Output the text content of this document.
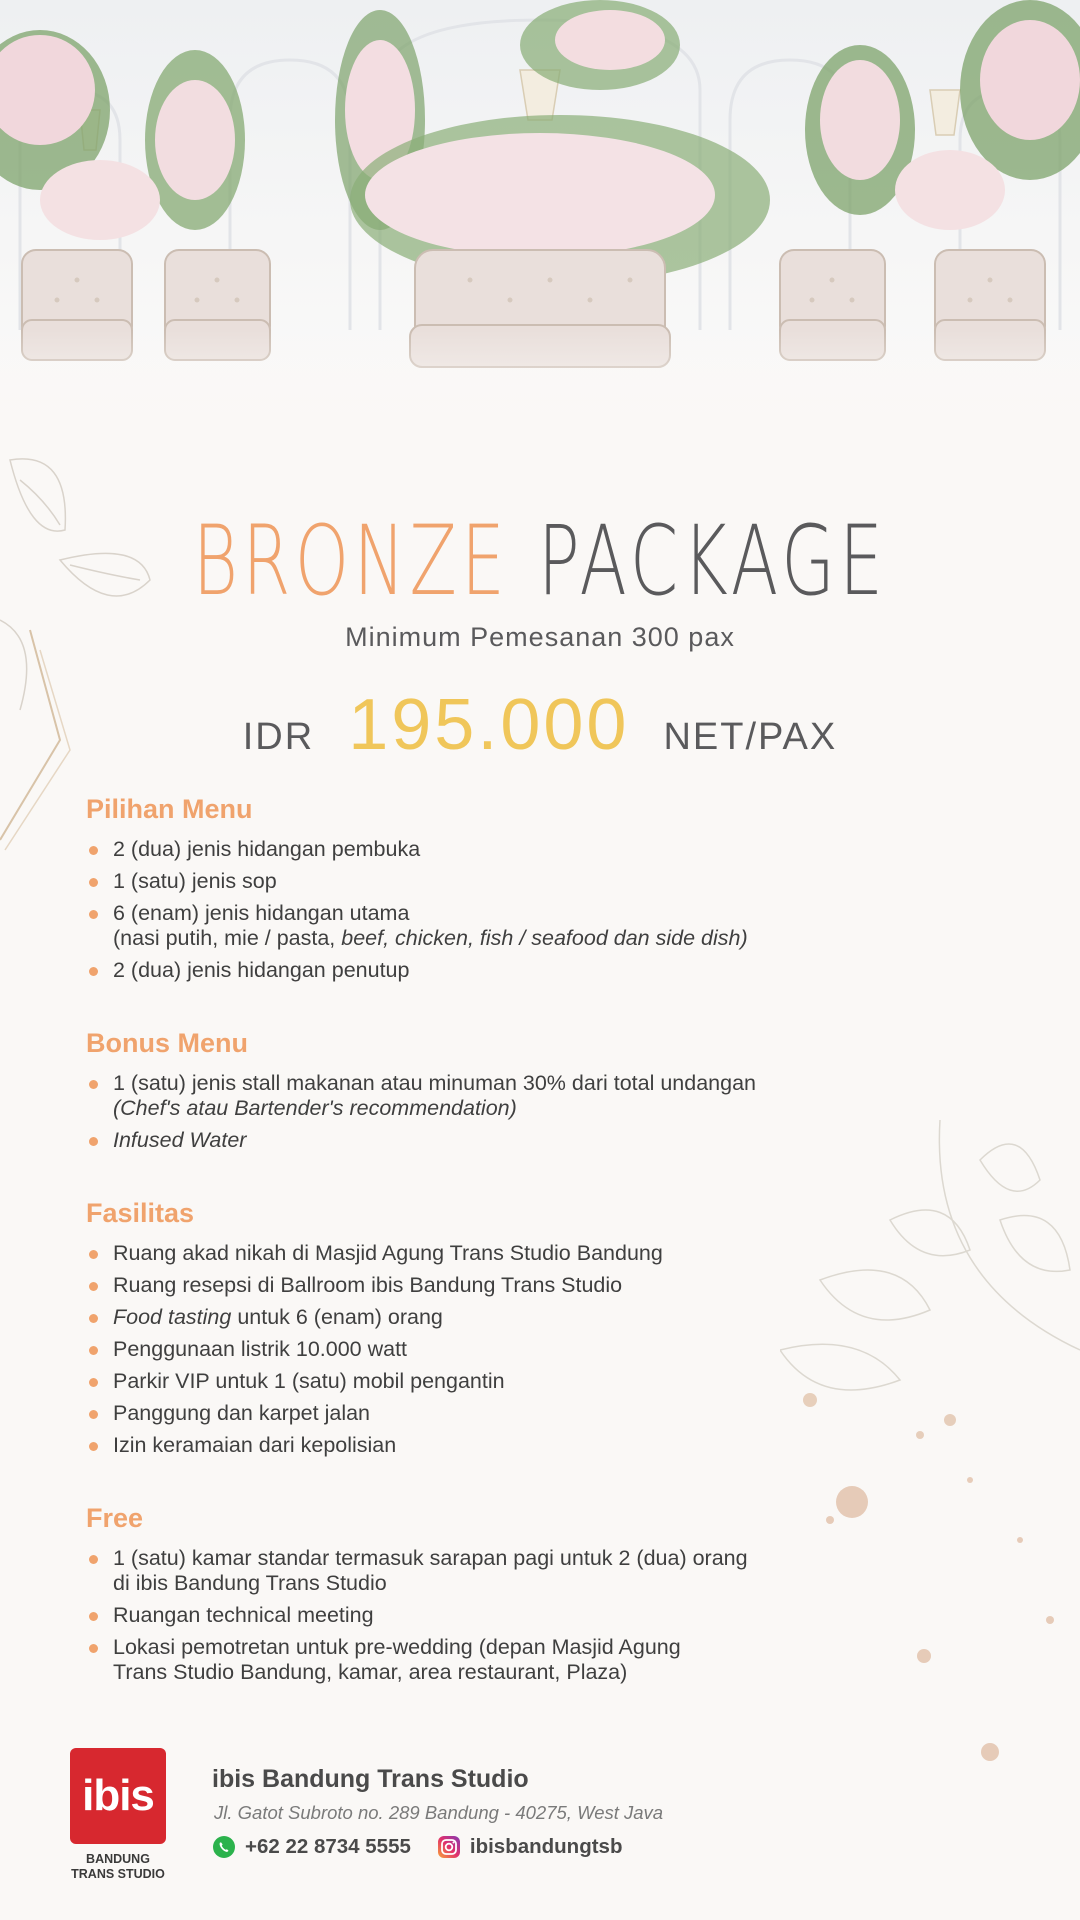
BRONZE PACKAGE
Minimum Pemesanan 300 pax
IDR 195.000 NET/PAX
Pilihan Menu
2 (dua) jenis hidangan pembuka
1 (satu) jenis sop
6 (enam) jenis hidangan utama
(nasi putih, mie / pasta, beef, chicken, fish / seafood dan side dish)
2 (dua) jenis hidangan penutup
Bonus Menu
1 (satu) jenis stall makanan atau minuman 30% dari total undangan
(Chef's atau Bartender's recommendation)
Infused Water
Fasilitas
Ruang akad nikah di Masjid Agung Trans Studio Bandung
Ruang resepsi di Ballroom ibis Bandung Trans Studio
Food tasting untuk 6 (enam) orang
Penggunaan listrik 10.000 watt
Parkir VIP untuk 1 (satu) mobil pengantin
Panggung dan karpet jalan
Izin keramaian dari kepolisian
Free
1 (satu) kamar standar termasuk sarapan pagi untuk 2 (dua) orang
di ibis Bandung Trans Studio
Ruangan technical meeting
Lokasi pemotretan untuk pre-wedding (depan Masjid Agung
Trans Studio Bandung, kamar, area restaurant, Plaza)
ibis
BANDUNG
TRANS STUDIO
ibis Bandung Trans Studio
Jl. Gatot Subroto no. 289 Bandung - 40275, West Java
+62 22 8734 5555	ibisbandungtsb
